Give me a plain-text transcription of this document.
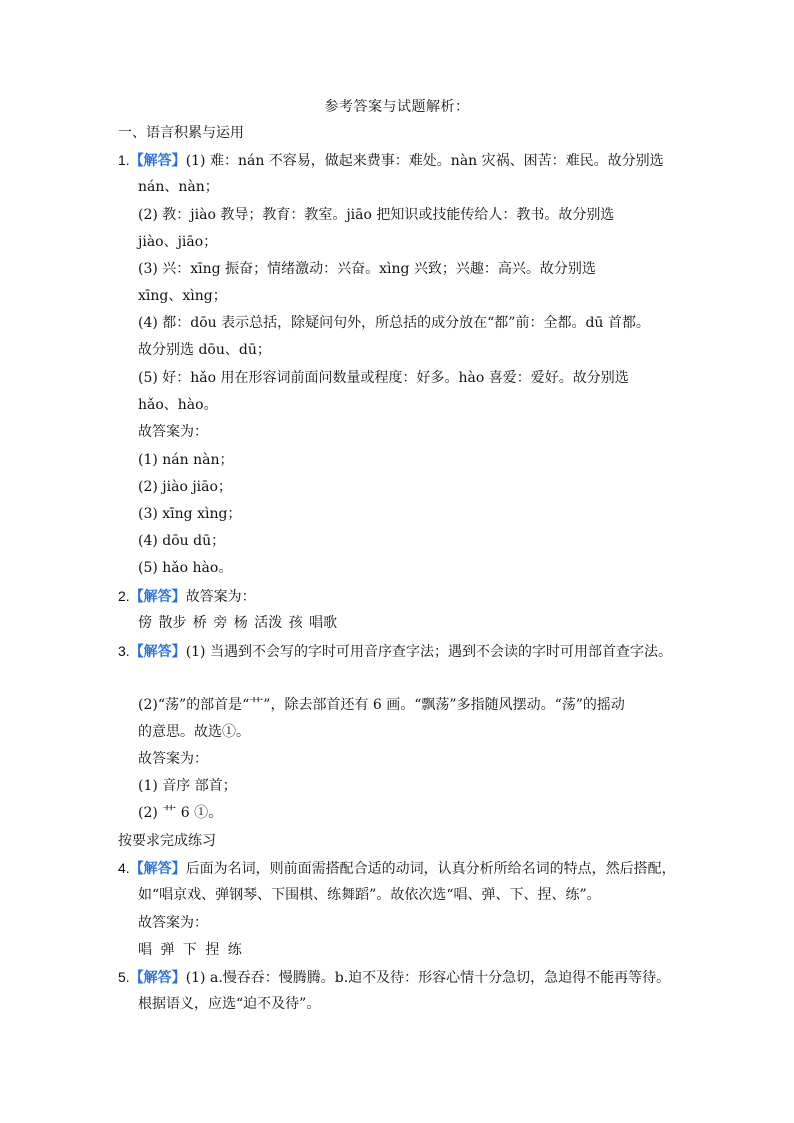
参考答案与试题解析：
一、语言积累与运用
1.【解答】(1) 难：nán 不容易，做起来费事：难处。nàn 灾祸、困苦：难民。故分别选
nán、nàn；
(2) 教：jiào 教导；教育：教室。jiāo 把知识或技能传给人：教书。故分别选
jiào、jiāo；
(3) 兴：xīng 振奋；情绪激动：兴奋。xìng 兴致；兴趣：高兴。故分别选
xīng、xìng；
(4) 都：dōu 表示总括，除疑问句外，所总括的成分放在“都”前：全都。dū 首都。
故分别选 dōu、dū；
(5) 好：hǎo 用在形容词前面问数量或程度：好多。hào 喜爱：爱好。故分别选
hǎo、hào。
故答案为：
(1) nán nàn；
(2) jiào jiāo；
(3) xīng xìng；
(4) dōu dū；
(5) hǎo hào。
2.【解答】故答案为：
傍 散步 桥 旁 杨 活泼 孩 唱歌
3.【解答】(1) 当遇到不会写的字时可用音序查字法；遇到不会读的字时可用部首查字法。
(2)“荡”的部首是“艹”，除去部首还有 6 画。“飘荡”多指随风摆动。“荡”的摇动
的意思。故选①。
故答案为：
(1) 音序 部首；
(2) 艹 6 ①。
按要求完成练习
4.【解答】后面为名词，则前面需搭配合适的动词，认真分析所给名词的特点，然后搭配，
如“唱京戏、弹钢琴、下围棋、练舞蹈”。故依次选“唱、弹、下、捏、练”。
故答案为：
唱 弹 下 捏 练
5.【解答】(1) a.慢吞吞：慢腾腾。b.迫不及待：形容心情十分急切，急迫得不能再等待。
根据语义，应选“迫不及待”。
